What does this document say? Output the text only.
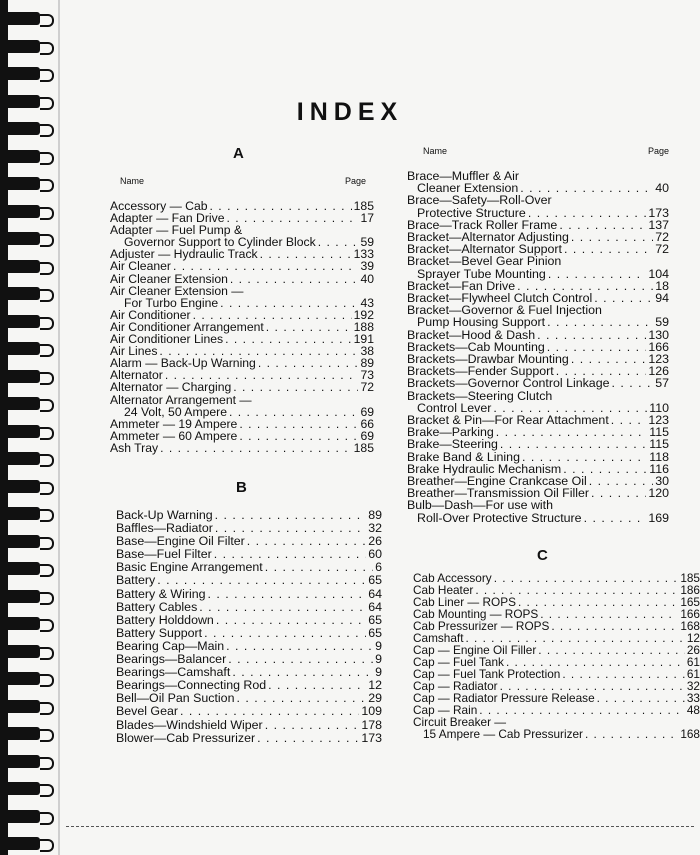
INDEX
A
Name	Page
Accessory — Cab . . .	185
Adapter — Fan Drive . . .	17
Adapter — Fuel Pump &
Governor Support to Cylinder Block . . .	59
Adjuster — Hydraulic Track . . .	133
Air Cleaner . . .	39
Air Cleaner Extension . . .	40
Air Cleaner Extension —
For Turbo Engine . . .	43
Air Conditioner . . .	192
Air Conditioner Arrangement . . .	188
Air Conditioner Lines . . .	191
Air Lines . . .	38
Alarm — Back-Up Warning . . .	89
Alternator . . .	73
Alternator — Charging . . .	72
Alternator Arrangement —
24 Volt, 50 Ampere . . .	69
Ammeter — 19 Ampere . . .	66
Ammeter — 60 Ampere . . .	69
Ash Tray . . .	185
B
Back-Up Warning . . .	89
Baffles—Radiator . . .	32
Base—Engine Oil Filter . . .	26
Base—Fuel Filter . . .	60
Basic Engine Arrangement . . .	6
Battery . . .	65
Battery & Wiring . . .	64
Battery Cables . . .	64
Battery Holddown . . .	65
Battery Support . . .	65
Bearing Cap—Main . . .	9
Bearings—Balancer . . .	9
Bearings—Camshaft . . .	9
Bearings—Connecting Rod . . .	12
Bell—Oil Pan Suction . . .	29
Bevel Gear . . .	109
Blades—Windshield Wiper . . .	178
Blower—Cab Pressurizer . . .	173
Name	Page
Brace—Muffler & Air
Cleaner Extension . . .	40
Brace—Safety—Roll-Over
Protective Structure . . .	173
Brace—Track Roller Frame . . .	137
Bracket—Alternator Adjusting . . .	72
Bracket—Alternator Support . . .	72
Bracket—Bevel Gear Pinion
Sprayer Tube Mounting . . .	104
Bracket—Fan Drive . . .	18
Bracket—Flywheel Clutch Control . . .	94
Bracket—Governor & Fuel Injection
Pump Housing Support . . .	59
Bracket—Hood & Dash . . .	130
Brackets—Cab Mounting . . .	166
Brackets—Drawbar Mounting . . .	123
Brackets—Fender Support . . .	126
Brackets—Governor Control Linkage . . .	57
Brackets—Steering Clutch
Control Lever . . .	110
Bracket & Pin—For Rear Attachment . . .	123
Brake—Parking . . .	115
Brake—Steering . . .	115
Brake Band & Lining . . .	118
Brake Hydraulic Mechanism . . .	116
Breather—Engine Crankcase Oil . . .	30
Breather—Transmission Oil Filler . . .	120
Bulb—Dash—For use with
Roll-Over Protective Structure . . .	169
C
Cab Accessory . . .	185
Cab Heater . . .	186
Cab Liner — ROPS . . .	165
Cab Mounting — ROPS . . .	166
Cab Pressurizer — ROPS . . .	168
Camshaft . . .	12
Cap — Engine Oil Filler . . .	26
Cap — Fuel Tank . . .	61
Cap — Fuel Tank Protection . . .	61
Cap — Radiator . . .	32
Cap — Radiator Pressure Release . . .	33
Cap — Rain . . .	48
Circuit Breaker —
15 Ampere — Cab Pressurizer . . .	168
